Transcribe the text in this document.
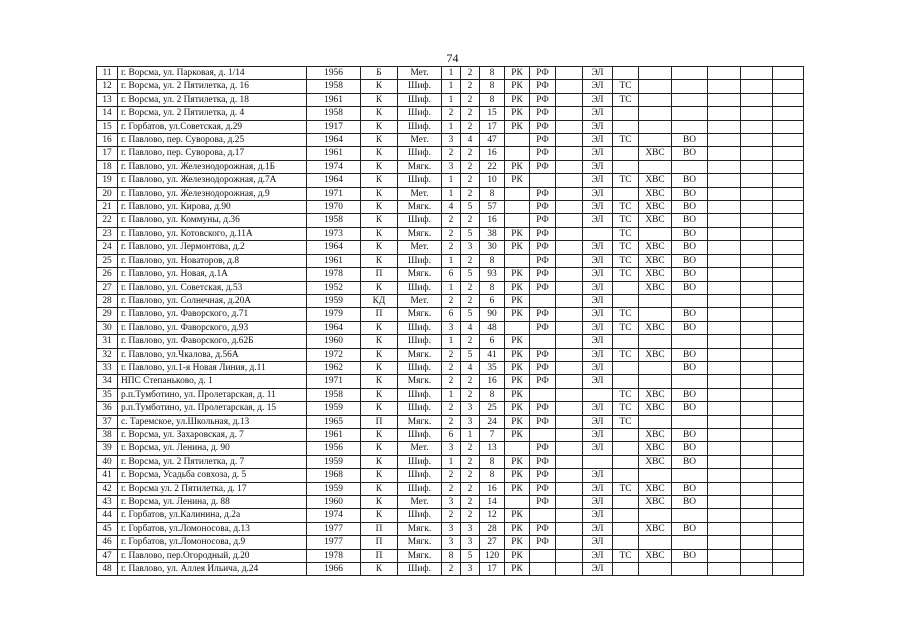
74
11	г. Ворсма, ул. Парковая, д. 1/14	1956	Б	Мет.	1	2	8	РК	РФ		ЭЛ						
12	г. Ворсма, ул. 2 Пятилетка, д. 16	1958	К	Шиф.	1	2	8	РК	РФ		ЭЛ	ТС					
13	г. Ворсма, ул. 2 Пятилетка, д. 18	1961	К	Шиф.	1	2	8	РК	РФ		ЭЛ	ТС					
14	г. Ворсма, ул. 2 Пятилетка, д. 4	1958	К	Шиф.	2	2	15	РК	РФ		ЭЛ						
15	г. Горбатов, ул.Советская, д.29	1917	К	Шиф.	1	2	17	РК	РФ		ЭЛ						
16	г. Павлово, пер. Суворова, д.25	1964	К	Мет.	3	4	47		РФ		ЭЛ	ТС		ВО			
17	г. Павлово, пер. Суворова, д.17	1961	К	Шиф.	2	2	16		РФ		ЭЛ		ХВС	ВО			
18	г. Павлово, ул. Железнодорожная, д.1Б	1974	К	Мягк.	3	2	22	РК	РФ		ЭЛ						
19	г. Павлово, ул. Железнодорожная, д.7А	1964	К	Шиф.	1	2	10	РК			ЭЛ	ТС	ХВС	ВО			
20	г. Павлово, ул. Железнодорожная, д.9	1971	К	Мет.	1	2	8		РФ		ЭЛ		ХВС	ВО			
21	г. Павлово, ул. Кирова, д.90	1970	К	Мягк.	4	5	57		РФ		ЭЛ	ТС	ХВС	ВО			
22	г. Павлово, ул. Коммуны, д.36	1958	К	Шиф.	2	2	16		РФ		ЭЛ	ТС	ХВС	ВО			
23	г. Павлово, ул. Котовского, д.11А	1973	К	Мягк.	2	5	38	РК	РФ			ТС		ВО			
24	г. Павлово, ул. Лермонтова, д.2	1964	К	Мет.	2	3	30	РК	РФ		ЭЛ	ТС	ХВС	ВО			
25	г. Павлово, ул. Новаторов, д.8	1961	К	Шиф.	1	2	8		РФ		ЭЛ	ТС	ХВС	ВО			
26	г. Павлово, ул. Новая, д.1А	1978	П	Мягк.	6	5	93	РК	РФ		ЭЛ	ТС	ХВС	ВО			
27	г. Павлово, ул. Советская, д.53	1952	К	Шиф.	1	2	8	РК	РФ		ЭЛ		ХВС	ВО			
28	г. Павлово, ул. Солнечная, д.20А	1959	КД	Мет.	2	2	6	РК			ЭЛ						
29	г. Павлово, ул. Фаворского, д.71	1979	П	Мягк.	6	5	90	РК	РФ		ЭЛ	ТС		ВО			
30	г. Павлово, ул. Фаворского, д.93	1964	К	Шиф.	3	4	48		РФ		ЭЛ	ТС	ХВС	ВО			
31	г. Павлово, ул. Фаворского, д.62Б	1960	К	Шиф.	1	2	6	РК			ЭЛ						
32	г. Павлово, ул.Чкалова, д.56А	1972	К	Мягк.	2	5	41	РК	РФ		ЭЛ	ТС	ХВС	ВО			
33	г. Павлово, ул.1-я Новая Линия, д.11	1962	К	Шиф.	2	4	35	РК	РФ		ЭЛ			ВО			
34	НПС Степаньково, д. 1	1971	К	Мягк.	2	2	16	РК	РФ		ЭЛ						
35	р.п.Тумботино, ул. Пролетарская, д. 11	1958	К	Шиф.	1	2	8	РК				ТС	ХВС	ВО			
36	р.п.Тумботино, ул. Пролетарская, д. 15	1959	К	Шиф.	2	3	25	РК	РФ		ЭЛ	ТС	ХВС	ВО			
37	с. Таремское, ул.Школьная, д.13	1965	П	Мягк.	2	3	24	РК	РФ		ЭЛ	ТС					
38	г. Ворсма, ул. Захаровская, д. 7	1961	К	Шиф.	6	1	7	РК			ЭЛ		ХВС	ВО			
39	г. Ворсма, ул. Ленина, д. 90	1956	К	Мет.	3	2	13		РФ		ЭЛ		ХВС	ВО			
40	г. Ворсма, ул. 2 Пятилетка, д. 7	1959	К	Шиф.	1	2	8	РК	РФ				ХВС	ВО			
41	г. Ворсма, Усадьба совхоза, д. 5	1968	К	Шиф.	2	2	8	РК	РФ		ЭЛ						
42	г. Ворсма ул. 2 Пятилетка, д. 17	1959	К	Шиф.	2	2	16	РК	РФ		ЭЛ	ТС	ХВС	ВО			
43	г. Ворсма, ул. Ленина, д. 88	1960	К	Мет.	3	2	14		РФ		ЭЛ		ХВС	ВО			
44	г. Горбатов, ул.Калинина, д.2а	1974	К	Шиф.	2	2	12	РК			ЭЛ						
45	г. Горбатов, ул.Ломоносова, д.13	1977	П	Мягк.	3	3	28	РК	РФ		ЭЛ		ХВС	ВО			
46	г. Горбатов, ул.Ломоносова, д.9	1977	П	Мягк.	3	3	27	РК	РФ		ЭЛ						
47	г. Павлово, пер.Огородный, д.20	1978	П	Мягк.	8	5	120	РК			ЭЛ	ТС	ХВС	ВО			
48	г. Павлово, ул. Аллея Ильича, д.24	1966	К	Шиф.	2	3	17	РК			ЭЛ						
